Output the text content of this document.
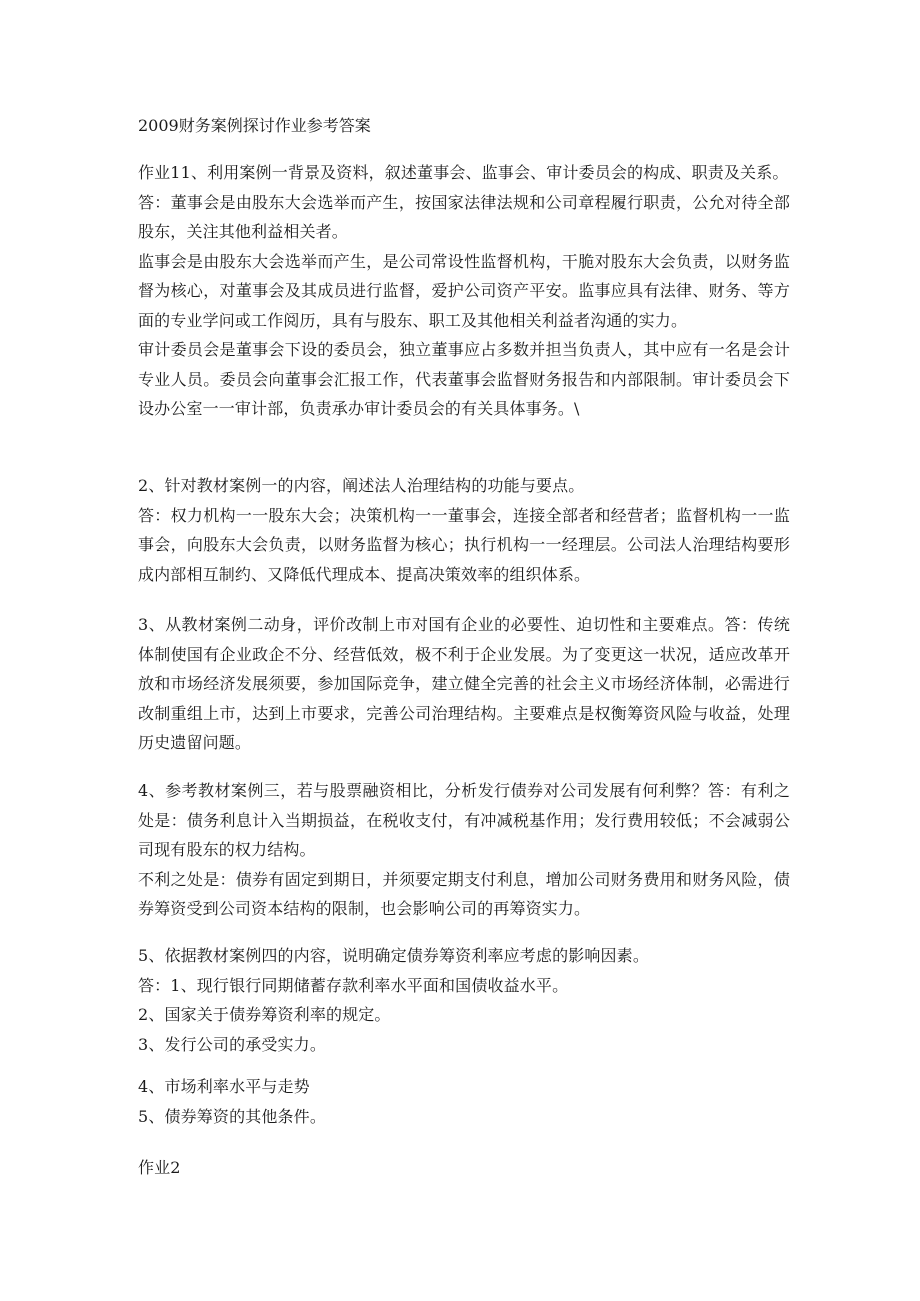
2009财务案例探讨作业参考答案

作业11、利用案例一背景及资料，叙述董事会、监事会、审计委员会的构成、职责及关系。

答：董事会是由股东大会选举而产生，按国家法律法规和公司章程履行职责，公允对待全部股东，关注其他利益相关者。

监事会是由股东大会选举而产生，是公司常设性监督机构，干脆对股东大会负责，以财务监督为核心，对董事会及其成员进行监督，爱护公司资产平安。监事应具有法律、财务、等方面的专业学问或工作阅历，具有与股东、职工及其他相关利益者沟通的实力。

审计委员会是董事会下设的委员会，独立董事应占多数并担当负责人，其中应有一名是会计专业人员。委员会向董事会汇报工作，代表董事会监督财务报告和内部限制。审计委员会下设办公室一一审计部，负责承办审计委员会的有关具体事务。\

2、针对教材案例一的内容，阐述法人治理结构的功能与要点。

答：权力机构一一股东大会；决策机构一一董事会，连接全部者和经营者；监督机构一一监事会，向股东大会负责，以财务监督为核心；执行机构一一经理层。公司法人治理结构要形成内部相互制约、又降低代理成本、提高决策效率的组织体系。

3、从教材案例二动身，评价改制上市对国有企业的必要性、迫切性和主要难点。答：传统体制使国有企业政企不分、经营低效，极不利于企业发展。为了变更这一状况，适应改革开放和市场经济发展须要，参加国际竞争，建立健全完善的社会主义市场经济体制，必需进行改制重组上市，达到上市要求，完善公司治理结构。主要难点是权衡筹资风险与收益，处理历史遗留问题。

4、参考教材案例三，若与股票融资相比，分析发行债券对公司发展有何利弊？答：有利之处是：债务利息计入当期损益，在税收支付，有冲减税基作用；发行费用较低；不会减弱公司现有股东的权力结构。

不利之处是：债券有固定到期日，并须要定期支付利息，增加公司财务费用和财务风险，债券筹资受到公司资本结构的限制，也会影响公司的再筹资实力。

5、依据教材案例四的内容，说明确定债券筹资利率应考虑的影响因素。

答：1、现行银行同期储蓄存款利率水平面和国债收益水平。

2、国家关于债券筹资利率的规定。

3、发行公司的承受实力。

4、市场利率水平与走势

5、债券筹资的其他条件。

作业2
